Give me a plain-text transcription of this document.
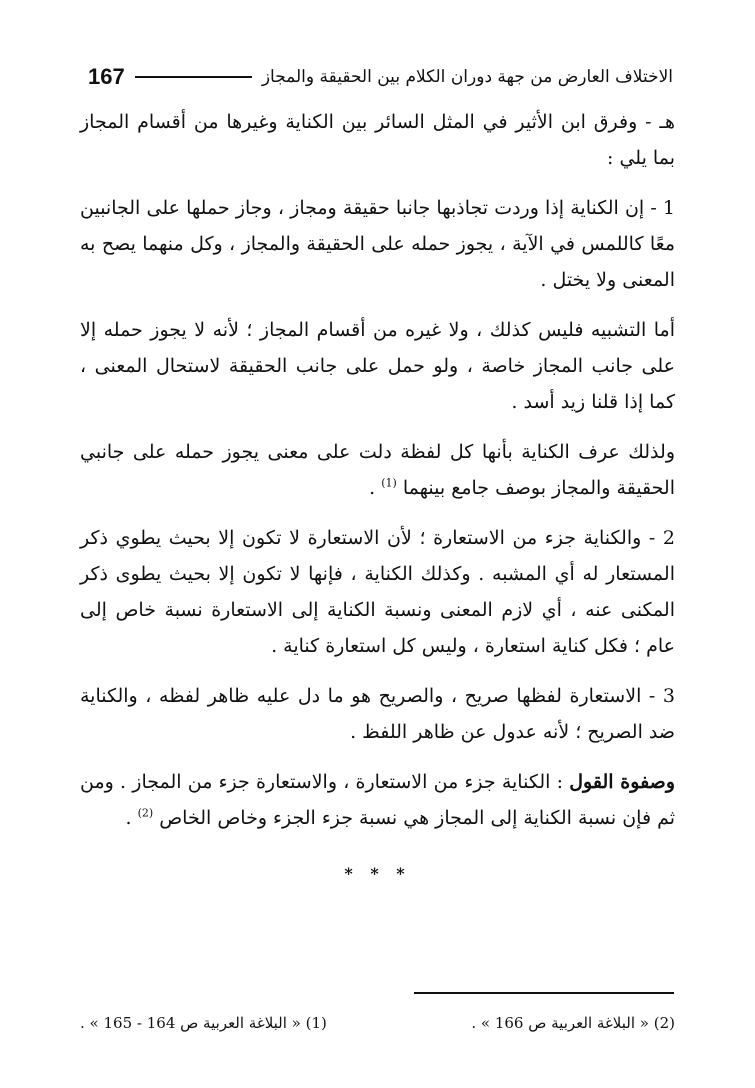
الاختلاف العارض من جهة دوران الكلام بين الحقيقة والمجاز
167

هـ - وفرق ابن الأثير في المثل السائر بين الكناية وغيرها من أقسام المجاز بما يلي :

1 - إن الكناية إذا وردت تجاذبها جانبا حقيقة ومجاز ، وجاز حملها على الجانبين معًا كاللمس في الآية ، يجوز حمله على الحقيقة والمجاز ، وكل منهما يصح به المعنى ولا يختل .

أما التشبيه فليس كذلك ، ولا غيره من أقسام المجاز ؛ لأنه لا يجوز حمله إلا على جانب المجاز خاصة ، ولو حمل على جانب الحقيقة لاستحال المعنى ، كما إذا قلنا زيد أسد .

ولذلك عرف الكناية بأنها كل لفظة دلت على معنى يجوز حمله على جانبي الحقيقة والمجاز بوصف جامع بينهما $^{(1)}$ .

2 - والكناية جزء من الاستعارة ؛ لأن الاستعارة لا تكون إلا بحيث يطوي ذكر المستعار له أي المشبه . وكذلك الكناية ، فإنها لا تكون إلا بحيث يطوى ذكر المكنى عنه ، أي لازم المعنى ونسبة الكناية إلى الاستعارة نسبة خاص إلى عام ؛ فكل كناية استعارة ، وليس كل استعارة كناية .

3 - الاستعارة لفظها صريح ، والصريح هو ما دل عليه ظاهر لفظه ، والكناية ضد الصريح ؛ لأنه عدول عن ظاهر اللفظ .

وصفوة القول : الكناية جزء من الاستعارة ، والاستعارة جزء من المجاز . ومن ثم فإن نسبة الكناية إلى المجاز هي نسبة جزء الجزء وخاص الخاص $^{(2)}$ .

* * *
(1) « البلاغة العربية ص 164 - 165 » .	(2) « البلاغة العربية ص 166 » .
